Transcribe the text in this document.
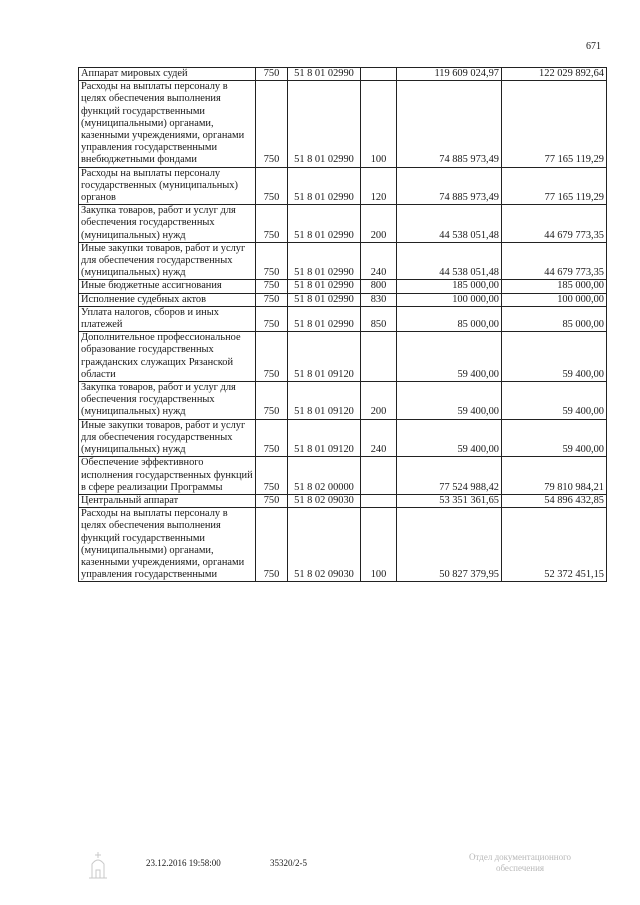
671
Аппарат мировых судей	750	51 8 01 02990		119 609 024,97	122 029 892,64
Расходы на выплаты персоналу в целях обеспечения выполнения функций государственными (муниципальными) органами, казенными учреждениями, органами управления государственными внебюджетными фондами	750	51 8 01 02990	100	74 885 973,49	77 165 119,29
Расходы на выплаты персоналу государственных (муниципальных) органов	750	51 8 01 02990	120	74 885 973,49	77 165 119,29
Закупка товаров, работ и услуг для обеспечения государственных (муниципальных) нужд	750	51 8 01 02990	200	44 538 051,48	44 679 773,35
Иные закупки товаров, работ и услуг для обеспечения государственных (муниципальных) нужд	750	51 8 01 02990	240	44 538 051,48	44 679 773,35
Иные бюджетные ассигнования	750	51 8 01 02990	800	185 000,00	185 000,00
Исполнение судебных актов	750	51 8 01 02990	830	100 000,00	100 000,00
Уплата налогов, сборов и иных платежей	750	51 8 01 02990	850	85 000,00	85 000,00
Дополнительное профессиональное образование государственных гражданских служащих Рязанской области	750	51 8 01 09120		59 400,00	59 400,00
Закупка товаров, работ и услуг для обеспечения государственных (муниципальных) нужд	750	51 8 01 09120	200	59 400,00	59 400,00
Иные закупки товаров, работ и услуг для обеспечения государственных (муниципальных) нужд	750	51 8 01 09120	240	59 400,00	59 400,00
Обеспечение эффективного исполнения государственных функций в сфере реализации Программы	750	51 8 02 00000		77 524 988,42	79 810 984,21
Центральный аппарат	750	51 8 02 09030		53 351 361,65	54 896 432,85
Расходы на выплаты персоналу в целях обеспечения выполнения функций государственными (муниципальными) органами, казенными учреждениями, органами управления государственными	750	51 8 02 09030	100	50 827 379,95	52 372 451,15
23.12.2016 19:58:00	35320/2-5
Отдел документационного обеспечения
